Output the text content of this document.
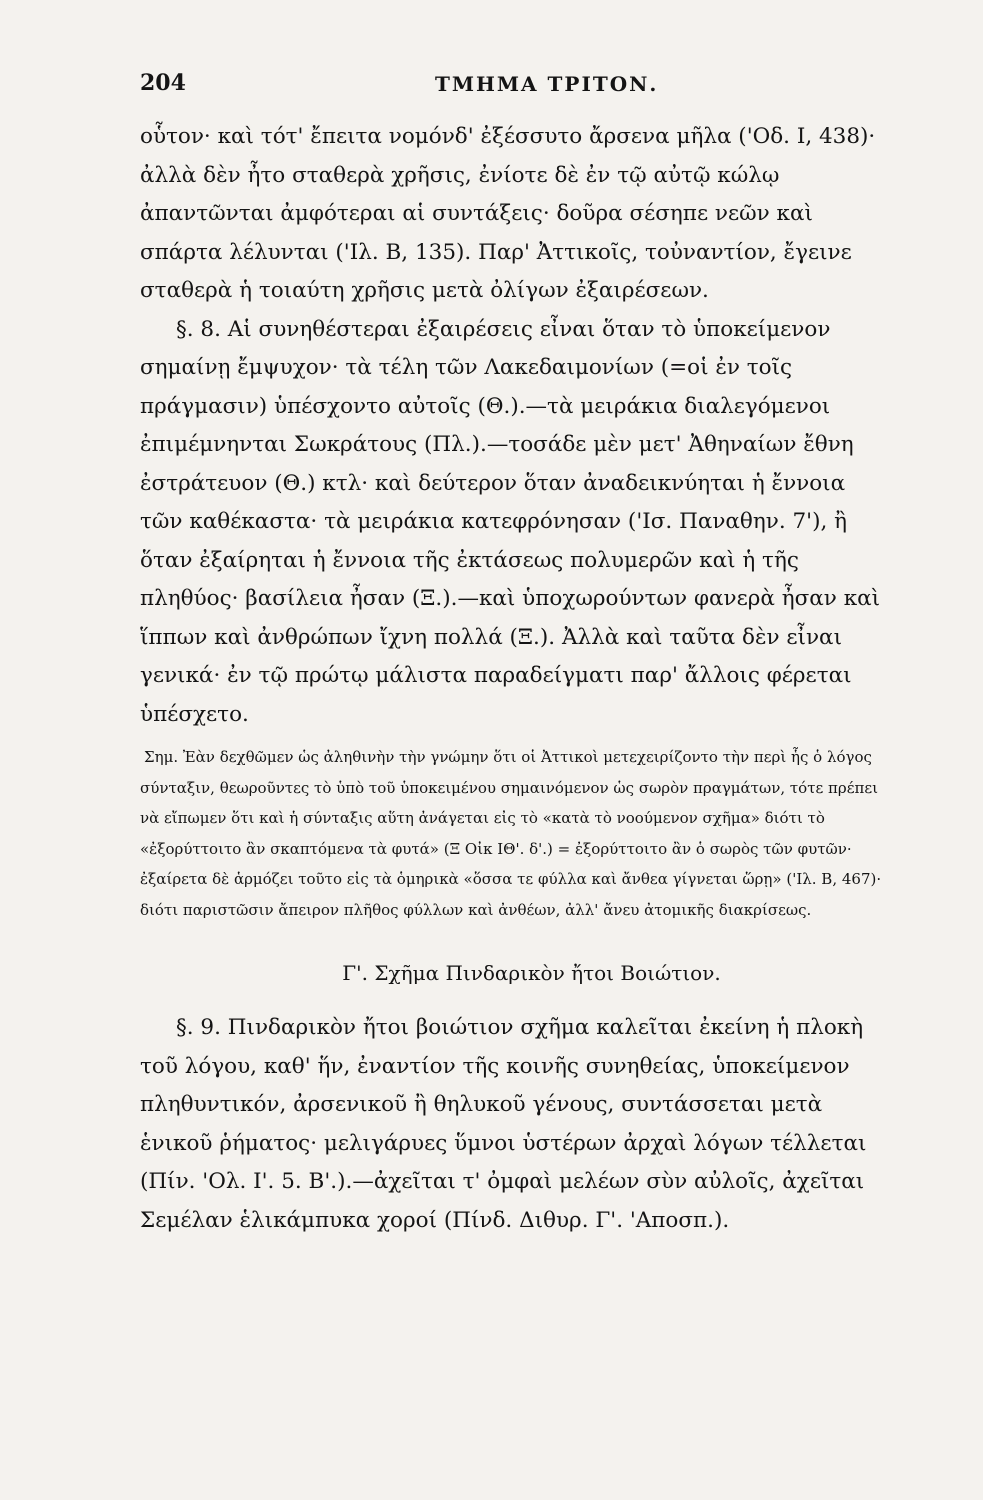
204	ΤΜΗΜΑ ΤΡΙΤΟΝ.

οὗτον· καὶ τότ' ἔπειτα νομόνδ' ἐξέσσυτο ἄρσενα μῆλα ('Οδ. Ι, 438)· ἀλλὰ δὲν ἦτο σταθερὰ χρῆσις, ἐνίοτε δὲ ἐν τῷ αὐτῷ κώλῳ ἀπαντῶνται ἀμφότεραι αἱ συντάξεις· δοῦρα σέσηπε νεῶν καὶ σπάρτα λέλυνται ('Ιλ. Β, 135). Παρ' Ἀττικοῖς, τοὐναντίον, ἔγεινε σταθερὰ ἡ τοιαύτη χρῆσις μετὰ ὀλίγων ἐξαιρέσεων.

§. 8. Αἱ συνηθέστεραι ἐξαιρέσεις εἶναι ὅταν τὸ ὑποκείμενον σημαίνῃ ἔμψυχον· τὰ τέλη τῶν Λακεδαιμονίων (=οἱ ἐν τοῖς πράγμασιν) ὑπέσχοντο αὐτοῖς (Θ.).—τὰ μειράκια διαλεγόμενοι ἐπιμέμνηνται Σωκράτους (Πλ.).—τοσάδε μὲν μετ' Ἀθηναίων ἔθνη ἐστράτευον (Θ.) κτλ· καὶ δεύτερον ὅταν ἀναδεικνύηται ἡ ἔννοια τῶν καθέκαστα· τὰ μειράκια κατεφρόνησαν ('Ισ. Παναθην. 7'), ἢ ὅταν ἐξαίρηται ἡ ἔννοια τῆς ἐκτάσεως πολυμερῶν καὶ ἡ τῆς πληθύος· βασίλεια ἦσαν (Ξ.).—καὶ ὑποχωρούντων φανερὰ ἦσαν καὶ ἵππων καὶ ἀνθρώπων ἴχνη πολλά (Ξ.). Ἀλλὰ καὶ ταῦτα δὲν εἶναι γενικά· ἐν τῷ πρώτῳ μάλιστα παραδείγματι παρ' ἄλλοις φέρεται ὑπέσχετο.

Σημ. Ἐὰν δεχθῶμεν ὡς ἀληθινὴν τὴν γνώμην ὅτι οἱ Ἀττικοὶ μετεχειρίζοντο τὴν περὶ ἧς ὁ λόγος σύνταξιν, θεωροῦντες τὸ ὑπὸ τοῦ ὑποκειμένου σημαινόμενον ὡς σωρὸν πραγμάτων, τότε πρέπει νὰ εἴπωμεν ὅτι καὶ ἡ σύνταξις αὕτη ἀνάγεται εἰς τὸ «κατὰ τὸ νοούμενον σχῆμα» διότι τὸ «ἐξορύττοιτο ἂν σκαπτόμενα τὰ φυτά» (Ξ Οἰκ ΙΘ'. δ'.) = ἐξορύττοιτο ἂν ὁ σωρὸς τῶν φυτῶν· ἐξαίρετα δὲ ἁρμόζει τοῦτο εἰς τὰ ὁμηρικὰ «ὅσσα τε φύλλα καὶ ἄνθεα γίγνεται ὥρῃ» ('Ιλ. Β, 467)· διότι παριστῶσιν ἄπειρον πλῆθος φύλλων καὶ ἀνθέων, ἀλλ' ἄνευ ἀτομικῆς διακρίσεως.

Γ'. Σχῆμα Πινδαρικὸν ἤτοι Βοιώτιον.

§. 9. Πινδαρικὸν ἤτοι βοιώτιον σχῆμα καλεῖται ἐκείνη ἡ πλοκὴ τοῦ λόγου, καθ' ἥν, ἐναντίον τῆς κοινῆς συνηθείας, ὑποκείμενον πληθυντικόν, ἀρσενικοῦ ἢ θηλυκοῦ γένους, συντάσσεται μετὰ ἑνικοῦ ῥήματος· μελιγάρυες ὕμνοι ὑστέρων ἀρχαὶ λόγων τέλλεται (Πίν. 'Ολ. Ι'. 5. Β'.).—ἀχεῖται τ' ὀμφαὶ μελέων σὺν αὐλοῖς, ἀχεῖται Σεμέλαν ἑλικάμπυκα χοροί (Πίνδ. Διθυρ. Γ'. 'Αποσπ.).
